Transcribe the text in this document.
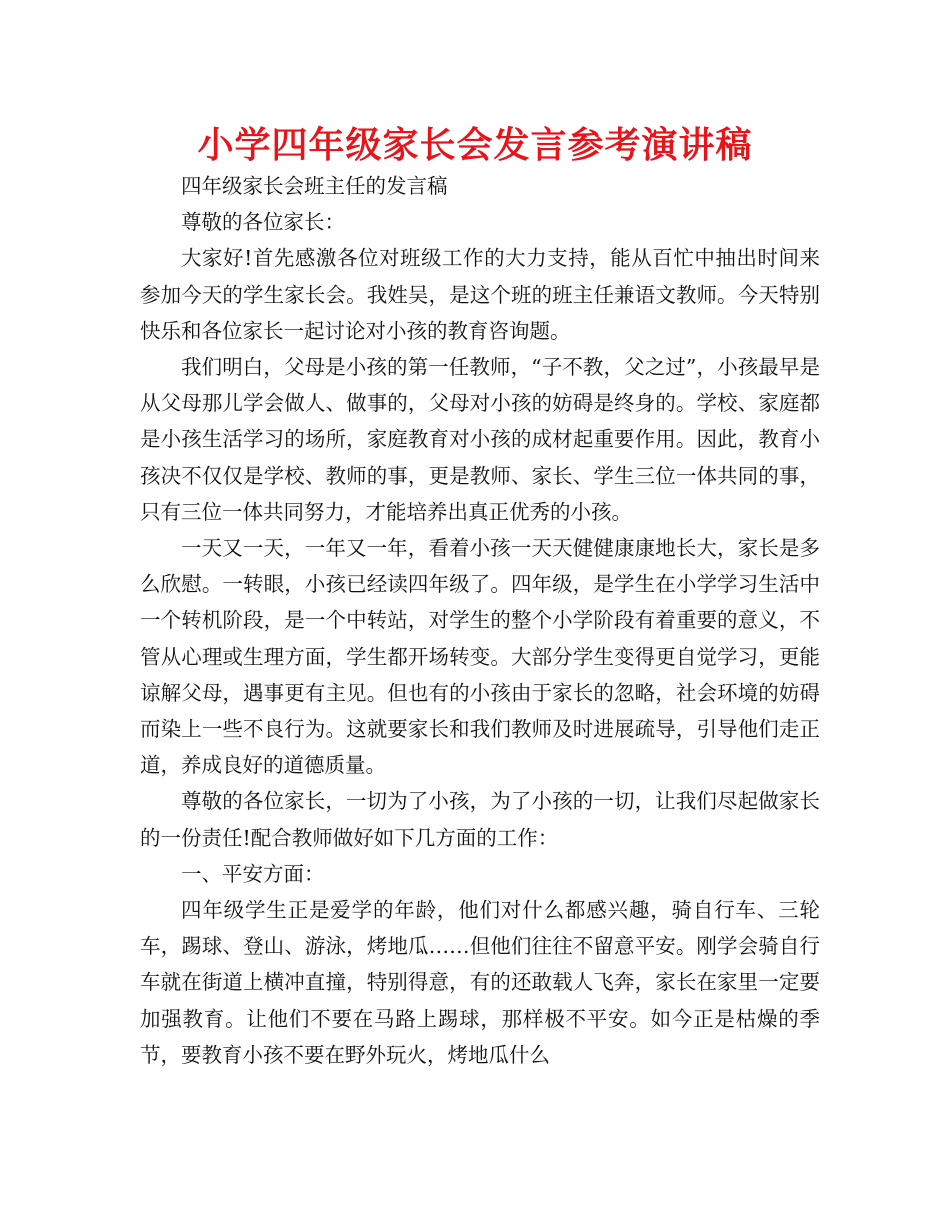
小学四年级家长会发言参考演讲稿

四年级家长会班主任的发言稿

尊敬的各位家长：

大家好!首先感激各位对班级工作的大力支持，能从百忙中抽出时间来参加今天的学生家长会。我姓吴，是这个班的班主任兼语文教师。今天特别快乐和各位家长一起讨论对小孩的教育咨询题。

我们明白，父母是小孩的第一任教师，“子不教，父之过”，小孩最早是从父母那儿学会做人、做事的，父母对小孩的妨碍是终身的。学校、家庭都是小孩生活学习的场所，家庭教育对小孩的成材起重要作用。因此，教育小孩决不仅仅是学校、教师的事，更是教师、家长、学生三位一体共同的事，只有三位一体共同努力，才能培养出真正优秀的小孩。

一天又一天，一年又一年，看着小孩一天天健健康康地长大，家长是多么欣慰。一转眼，小孩已经读四年级了。四年级，是学生在小学学习生活中一个转机阶段，是一个中转站，对学生的整个小学阶段有着重要的意义，不管从心理或生理方面，学生都开场转变。大部分学生变得更自觉学习，更能谅解父母，遇事更有主见。但也有的小孩由于家长的忽略，社会环境的妨碍而染上一些不良行为。这就要家长和我们教师及时进展疏导，引导他们走正道，养成良好的道德质量。

尊敬的各位家长，一切为了小孩，为了小孩的一切，让我们尽起做家长的一份责任!配合教师做好如下几方面的工作：

一、平安方面：

四年级学生正是爱学的年龄，他们对什么都感兴趣，骑自行车、三轮车，踢球、登山、游泳，烤地瓜……但他们往往不留意平安。刚学会骑自行车就在街道上横冲直撞，特别得意，有的还敢载人飞奔，家长在家里一定要加强教育。让他们不要在马路上踢球，那样极不平安。如今正是枯燥的季节，要教育小孩不要在野外玩火，烤地瓜什么
